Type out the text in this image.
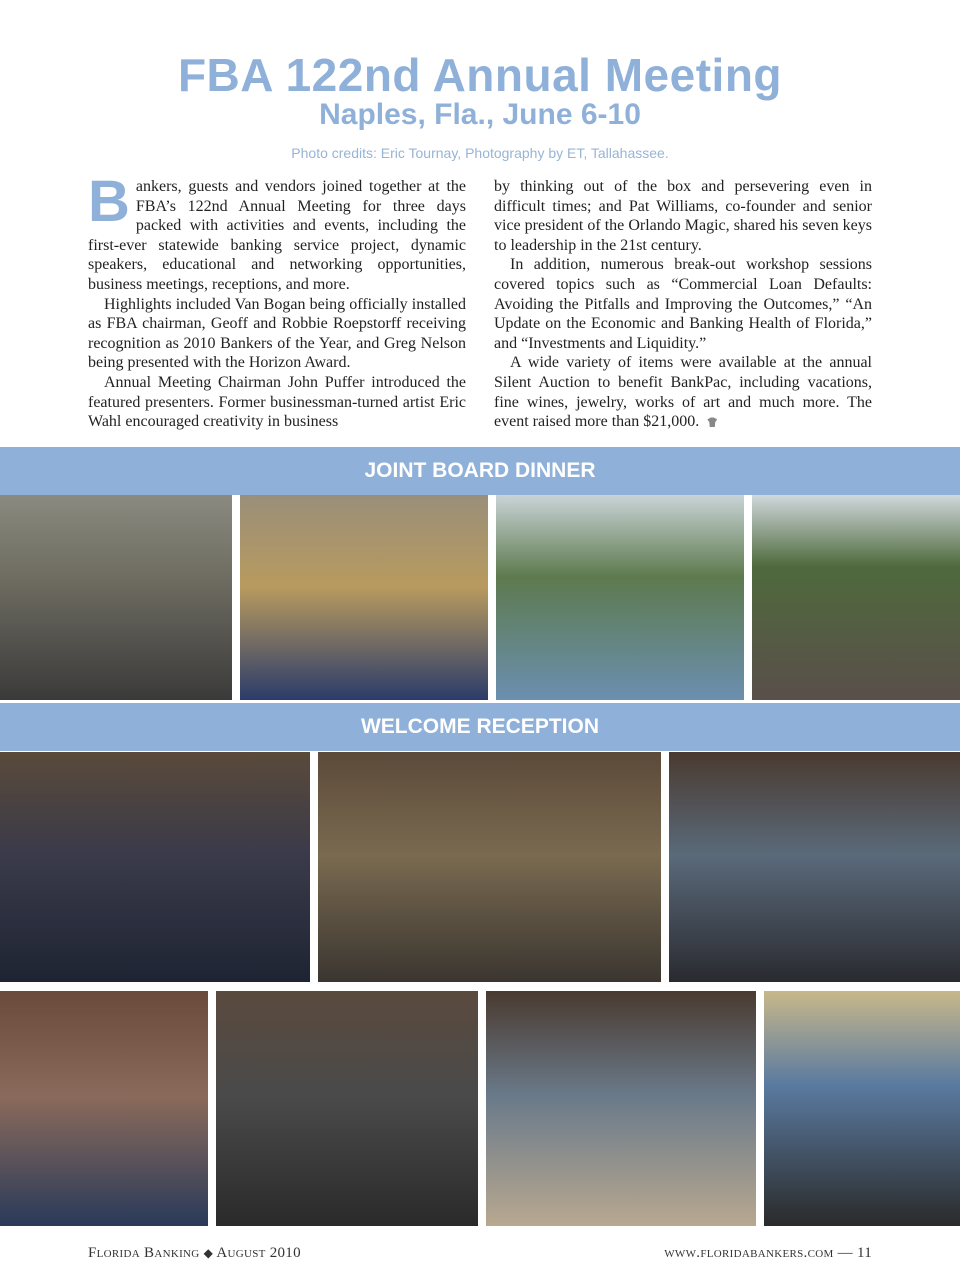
FBA 122nd Annual Meeting
Naples, Fla., June 6-10
Photo credits: Eric Tournay, Photography by ET, Tallahassee.

Bankers, guests and vendors joined together at the FBA’s 122nd Annual Meeting for three days packed with activities and events, including the first-ever statewide banking service project, dynamic speakers, educational and networking opportunities, business meetings, receptions, and more.

Highlights included Van Bogan being officially installed as FBA chairman, Geoff and Robbie Roepstorff receiving recognition as 2010 Bankers of the Year, and Greg Nelson being presented with the Horizon Award.

Annual Meeting Chairman John Puffer introduced the featured presenters. Former businessman-turned artist Eric Wahl encouraged creativity in business

by thinking out of the box and persevering even in difficult times; and Pat Williams, co-founder and senior vice president of the Orlando Magic, shared his seven keys to leadership in the 21st century.

In addition, numerous break-out workshop sessions covered topics such as “Commercial Loan Defaults: Avoiding the Pitfalls and Improving the Outcomes,” “An Update on the Economic and Banking Health of Florida,” and “Investments and Liquidity.”

A wide variety of items were available at the annual Silent Auction to benefit BankPac, including vacations, fine wines, jewelry, works of art and much more. The event raised more than $21,000.

JOINT BOARD DINNER
WELCOME RECEPTION
Florida Banking ◆ August 2010	www.floridabankers.com — 11
